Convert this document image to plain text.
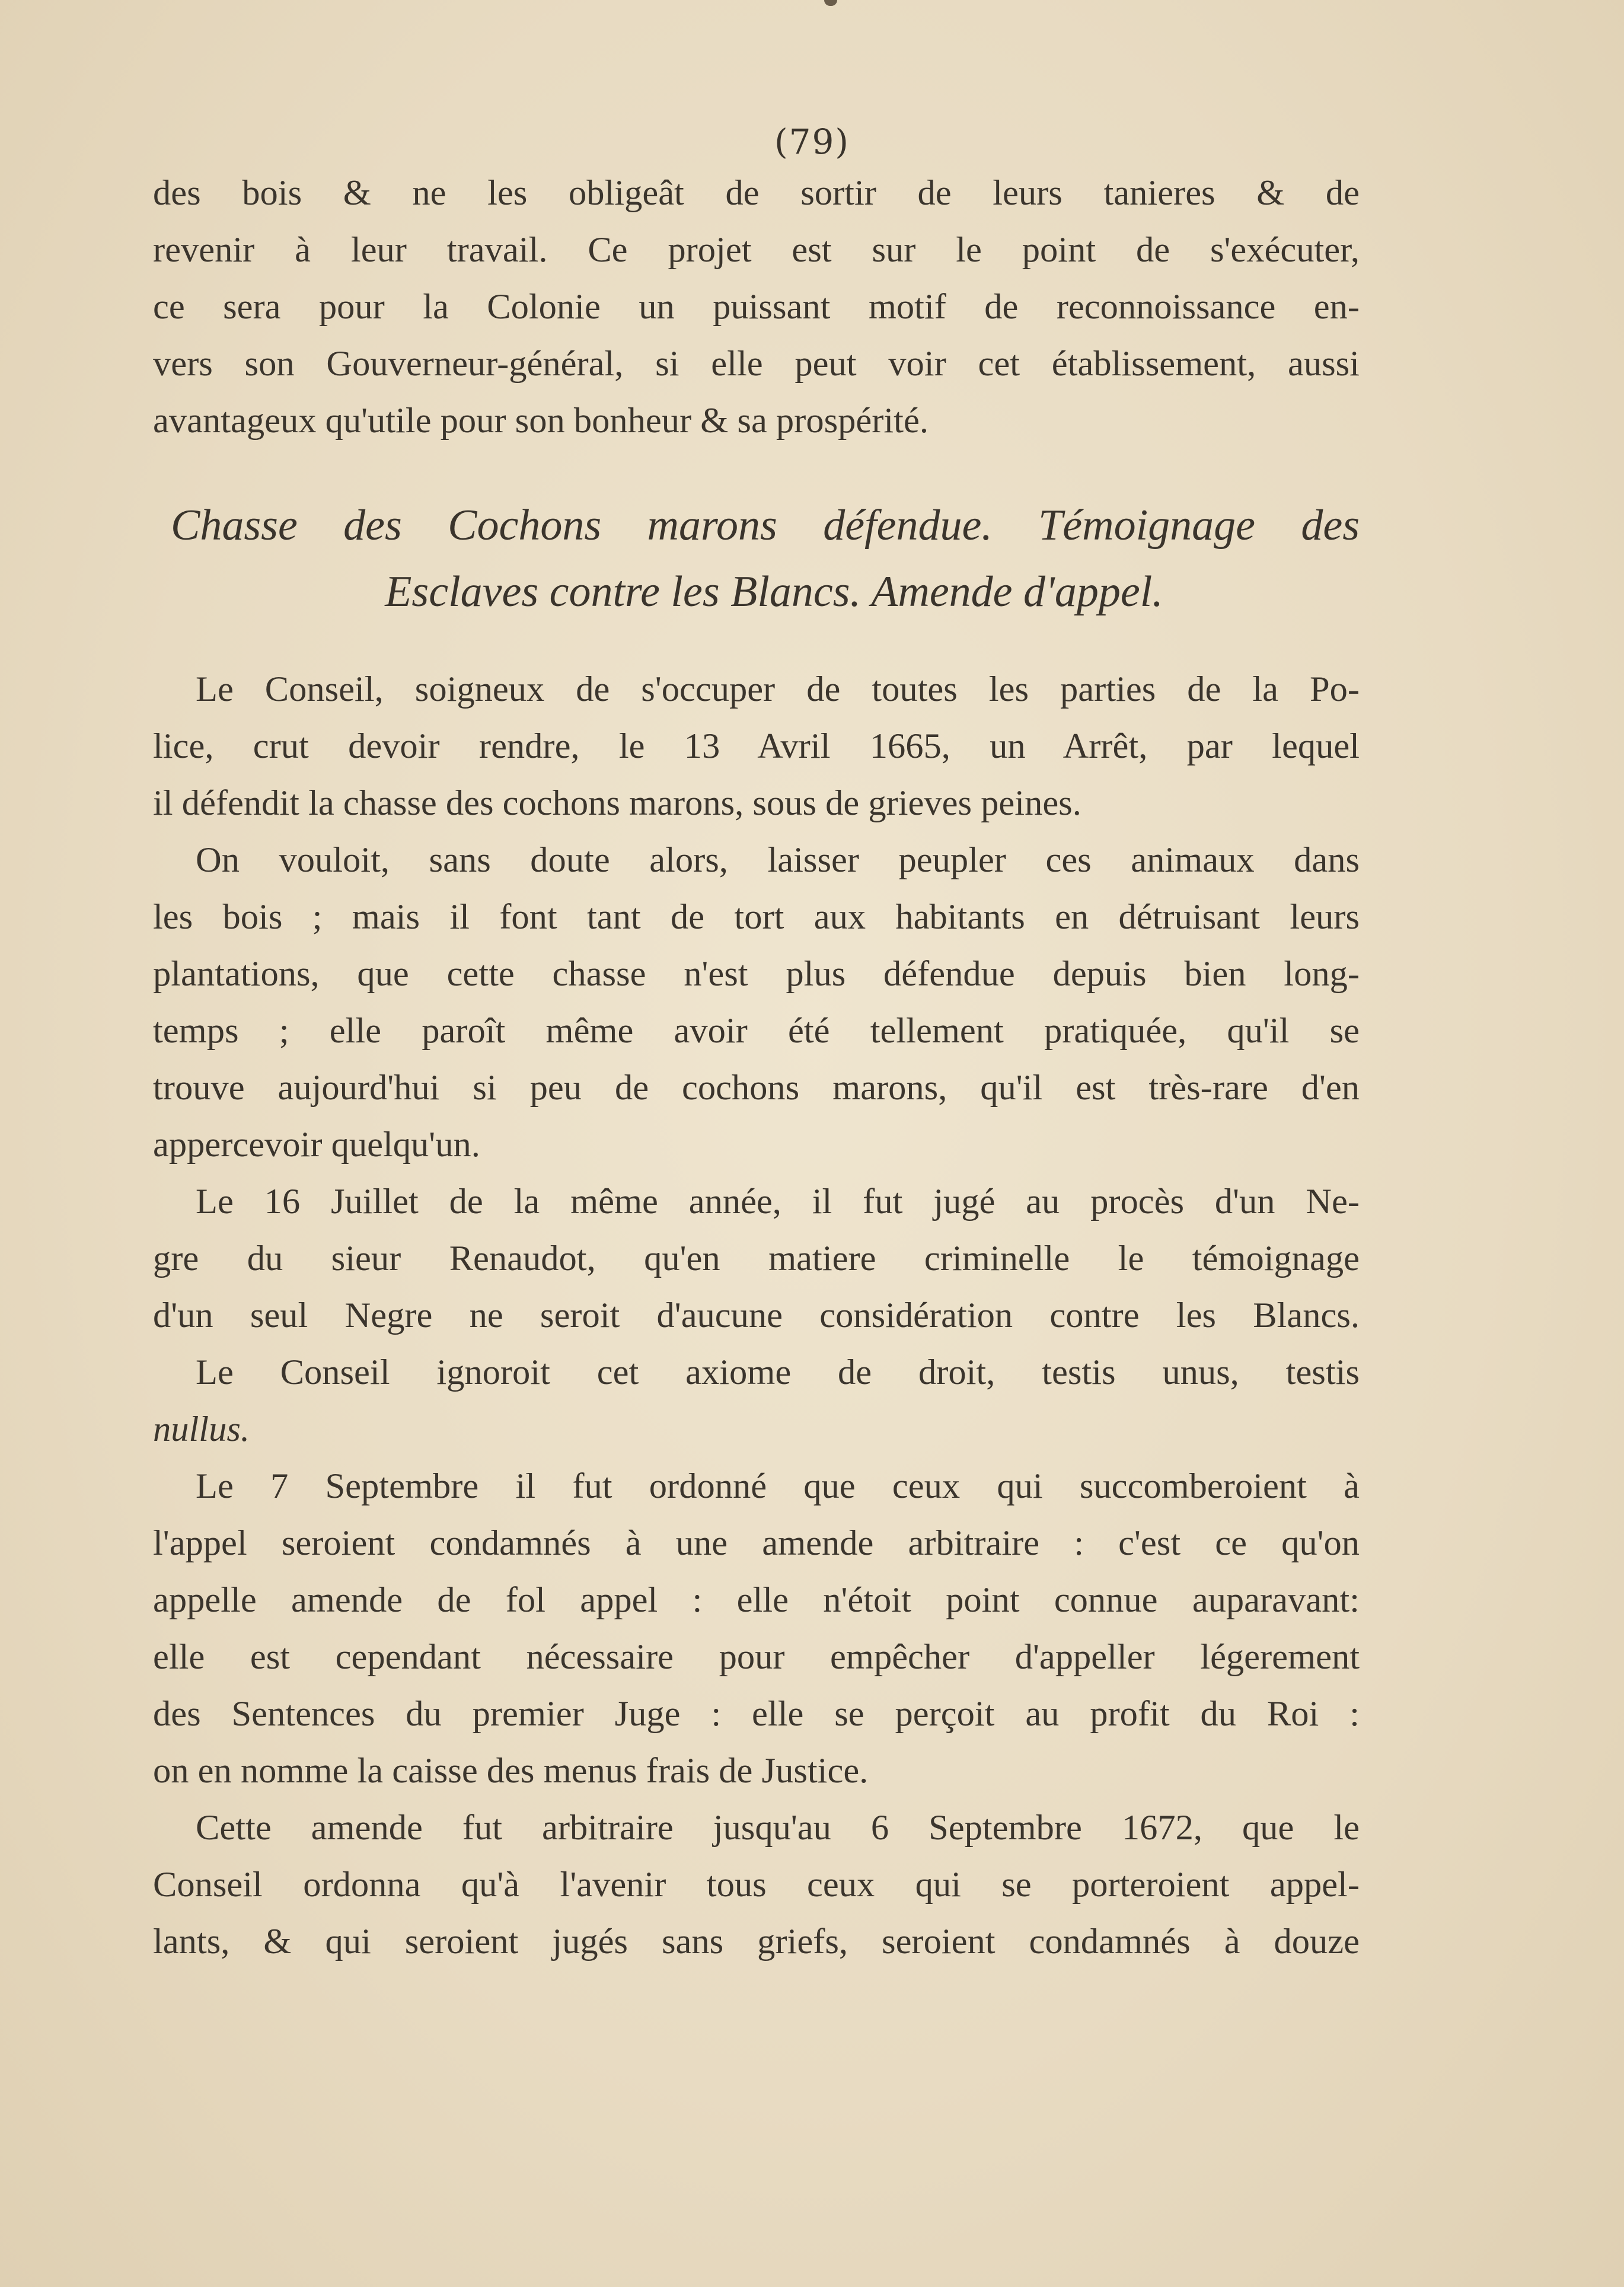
(79)
des bois & ne les obligeât de sortir de leurs tanieres & de
revenir à leur travail. Ce projet est sur le point de s'exécuter,
ce sera pour la Colonie un puissant motif de reconnoissance en-
vers son Gouverneur-général, si elle peut voir cet établissement, aussi
avantageux qu'utile pour son bonheur & sa prospérité.
Chasse des Cochons marons défendue. Témoignage des
Esclaves contre les Blancs. Amende d'appel.
Le Conseil, soigneux de s'occuper de toutes les parties de la Po-
lice, crut devoir rendre, le 13 Avril 1665, un Arrêt, par lequel
il défendit la chasse des cochons marons, sous de grieves peines.
On vouloit, sans doute alors, laisser peupler ces animaux dans
les bois ; mais il font tant de tort aux habitants en détruisant leurs
plantations, que cette chasse n'est plus défendue depuis bien long-
temps ; elle paroît même avoir été tellement pratiquée, qu'il se
trouve aujourd'hui si peu de cochons marons, qu'il est très-rare d'en
appercevoir quelqu'un.
Le 16 Juillet de la même année, il fut jugé au procès d'un Ne-
gre du sieur Renaudot, qu'en matiere criminelle le témoignage
d'un seul Negre ne seroit d'aucune considération contre les Blancs.
Le Conseil ignoroit cet axiome de droit, testis unus, testis
nullus.
Le 7 Septembre il fut ordonné que ceux qui succomberoient à
l'appel seroient condamnés à une amende arbitraire : c'est ce qu'on
appelle amende de fol appel : elle n'étoit point connue auparavant:
elle est cependant nécessaire pour empêcher d'appeller légerement
des Sentences du premier Juge : elle se perçoit au profit du Roi :
on en nomme la caisse des menus frais de Justice.
Cette amende fut arbitraire jusqu'au 6 Septembre 1672, que le
Conseil ordonna qu'à l'avenir tous ceux qui se porteroient appel-
lants, & qui seroient jugés sans griefs, seroient condamnés à douze
